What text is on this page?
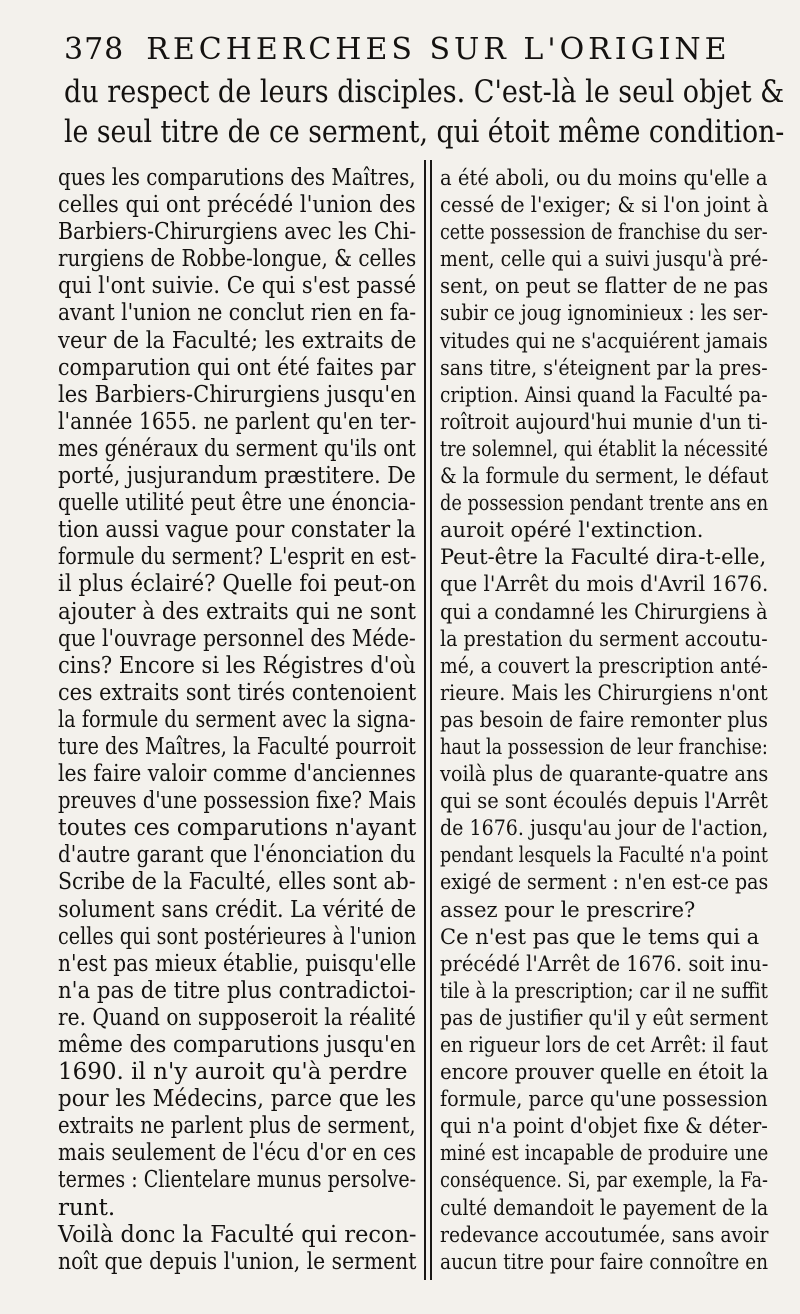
378 RECHERCHES SUR L'ORIGINE
du respect de leurs disciples. C'est-là le seul objet &
le seul titre de ce serment, qui étoit même condition-
ques les comparutions des Maîtres,
celles qui ont précédé l'union des
Barbiers-Chirurgiens avec les Chi-
rurgiens de Robbe-longue, & celles
qui l'ont suivie. Ce qui s'est passé
avant l'union ne conclut rien en fa-
veur de la Faculté; les extraits de
comparution qui ont été faites par
les Barbiers-Chirurgiens jusqu'en
l'année 1655. ne parlent qu'en ter-
mes généraux du serment qu'ils ont
porté, jusjurandum præstitere. De
quelle utilité peut être une énoncia-
tion aussi vague pour constater la
formule du serment? L'esprit en est-
il plus éclairé? Quelle foi peut-on
ajouter à des extraits qui ne sont
que l'ouvrage personnel des Méde-
cins? Encore si les Régistres d'où
ces extraits sont tirés contenoient
la formule du serment avec la signa-
ture des Maîtres, la Faculté pourroit
les faire valoir comme d'anciennes
preuves d'une possession fixe? Mais
toutes ces comparutions n'ayant
d'autre garant que l'énonciation du
Scribe de la Faculté, elles sont ab-
solument sans crédit. La vérité de
celles qui sont postérieures à l'union
n'est pas mieux établie, puisqu'elle
n'a pas de titre plus contradictoi-
re. Quand on supposeroit la réalité
même des comparutions jusqu'en
1690. il n'y auroit qu'à perdre
pour les Médecins, parce que les
extraits ne parlent plus de serment,
mais seulement de l'écu d'or en ces
termes : Clientelare munus persolve-
runt.
Voilà donc la Faculté qui recon-
noît que depuis l'union, le serment
a été aboli, ou du moins qu'elle a
cessé de l'exiger; & si l'on joint à
cette possession de franchise du ser-
ment, celle qui a suivi jusqu'à pré-
sent, on peut se flatter de ne pas
subir ce joug ignominieux : les ser-
vitudes qui ne s'acquiérent jamais
sans titre, s'éteignent par la pres-
cription. Ainsi quand la Faculté pa-
roîtroit aujourd'hui munie d'un ti-
tre solemnel, qui établit la nécessité
& la formule du serment, le défaut
de possession pendant trente ans en
auroit opéré l'extinction.
Peut-être la Faculté dira-t-elle,
que l'Arrêt du mois d'Avril 1676.
qui a condamné les Chirurgiens à
la prestation du serment accoutu-
mé, a couvert la prescription anté-
rieure. Mais les Chirurgiens n'ont
pas besoin de faire remonter plus
haut la possession de leur franchise:
voilà plus de quarante-quatre ans
qui se sont écoulés depuis l'Arrêt
de 1676. jusqu'au jour de l'action,
pendant lesquels la Faculté n'a point
exigé de serment : n'en est-ce pas
assez pour le prescrire?
Ce n'est pas que le tems qui a
précédé l'Arrêt de 1676. soit inu-
tile à la prescription; car il ne suffit
pas de justifier qu'il y eût serment
en rigueur lors de cet Arrêt: il faut
encore prouver quelle en étoit la
formule, parce qu'une possession
qui n'a point d'objet fixe & déter-
miné est incapable de produire une
conséquence. Si, par exemple, la Fa-
culté demandoit le payement de la
redevance accoutumée, sans avoir
aucun titre pour faire connoître en
